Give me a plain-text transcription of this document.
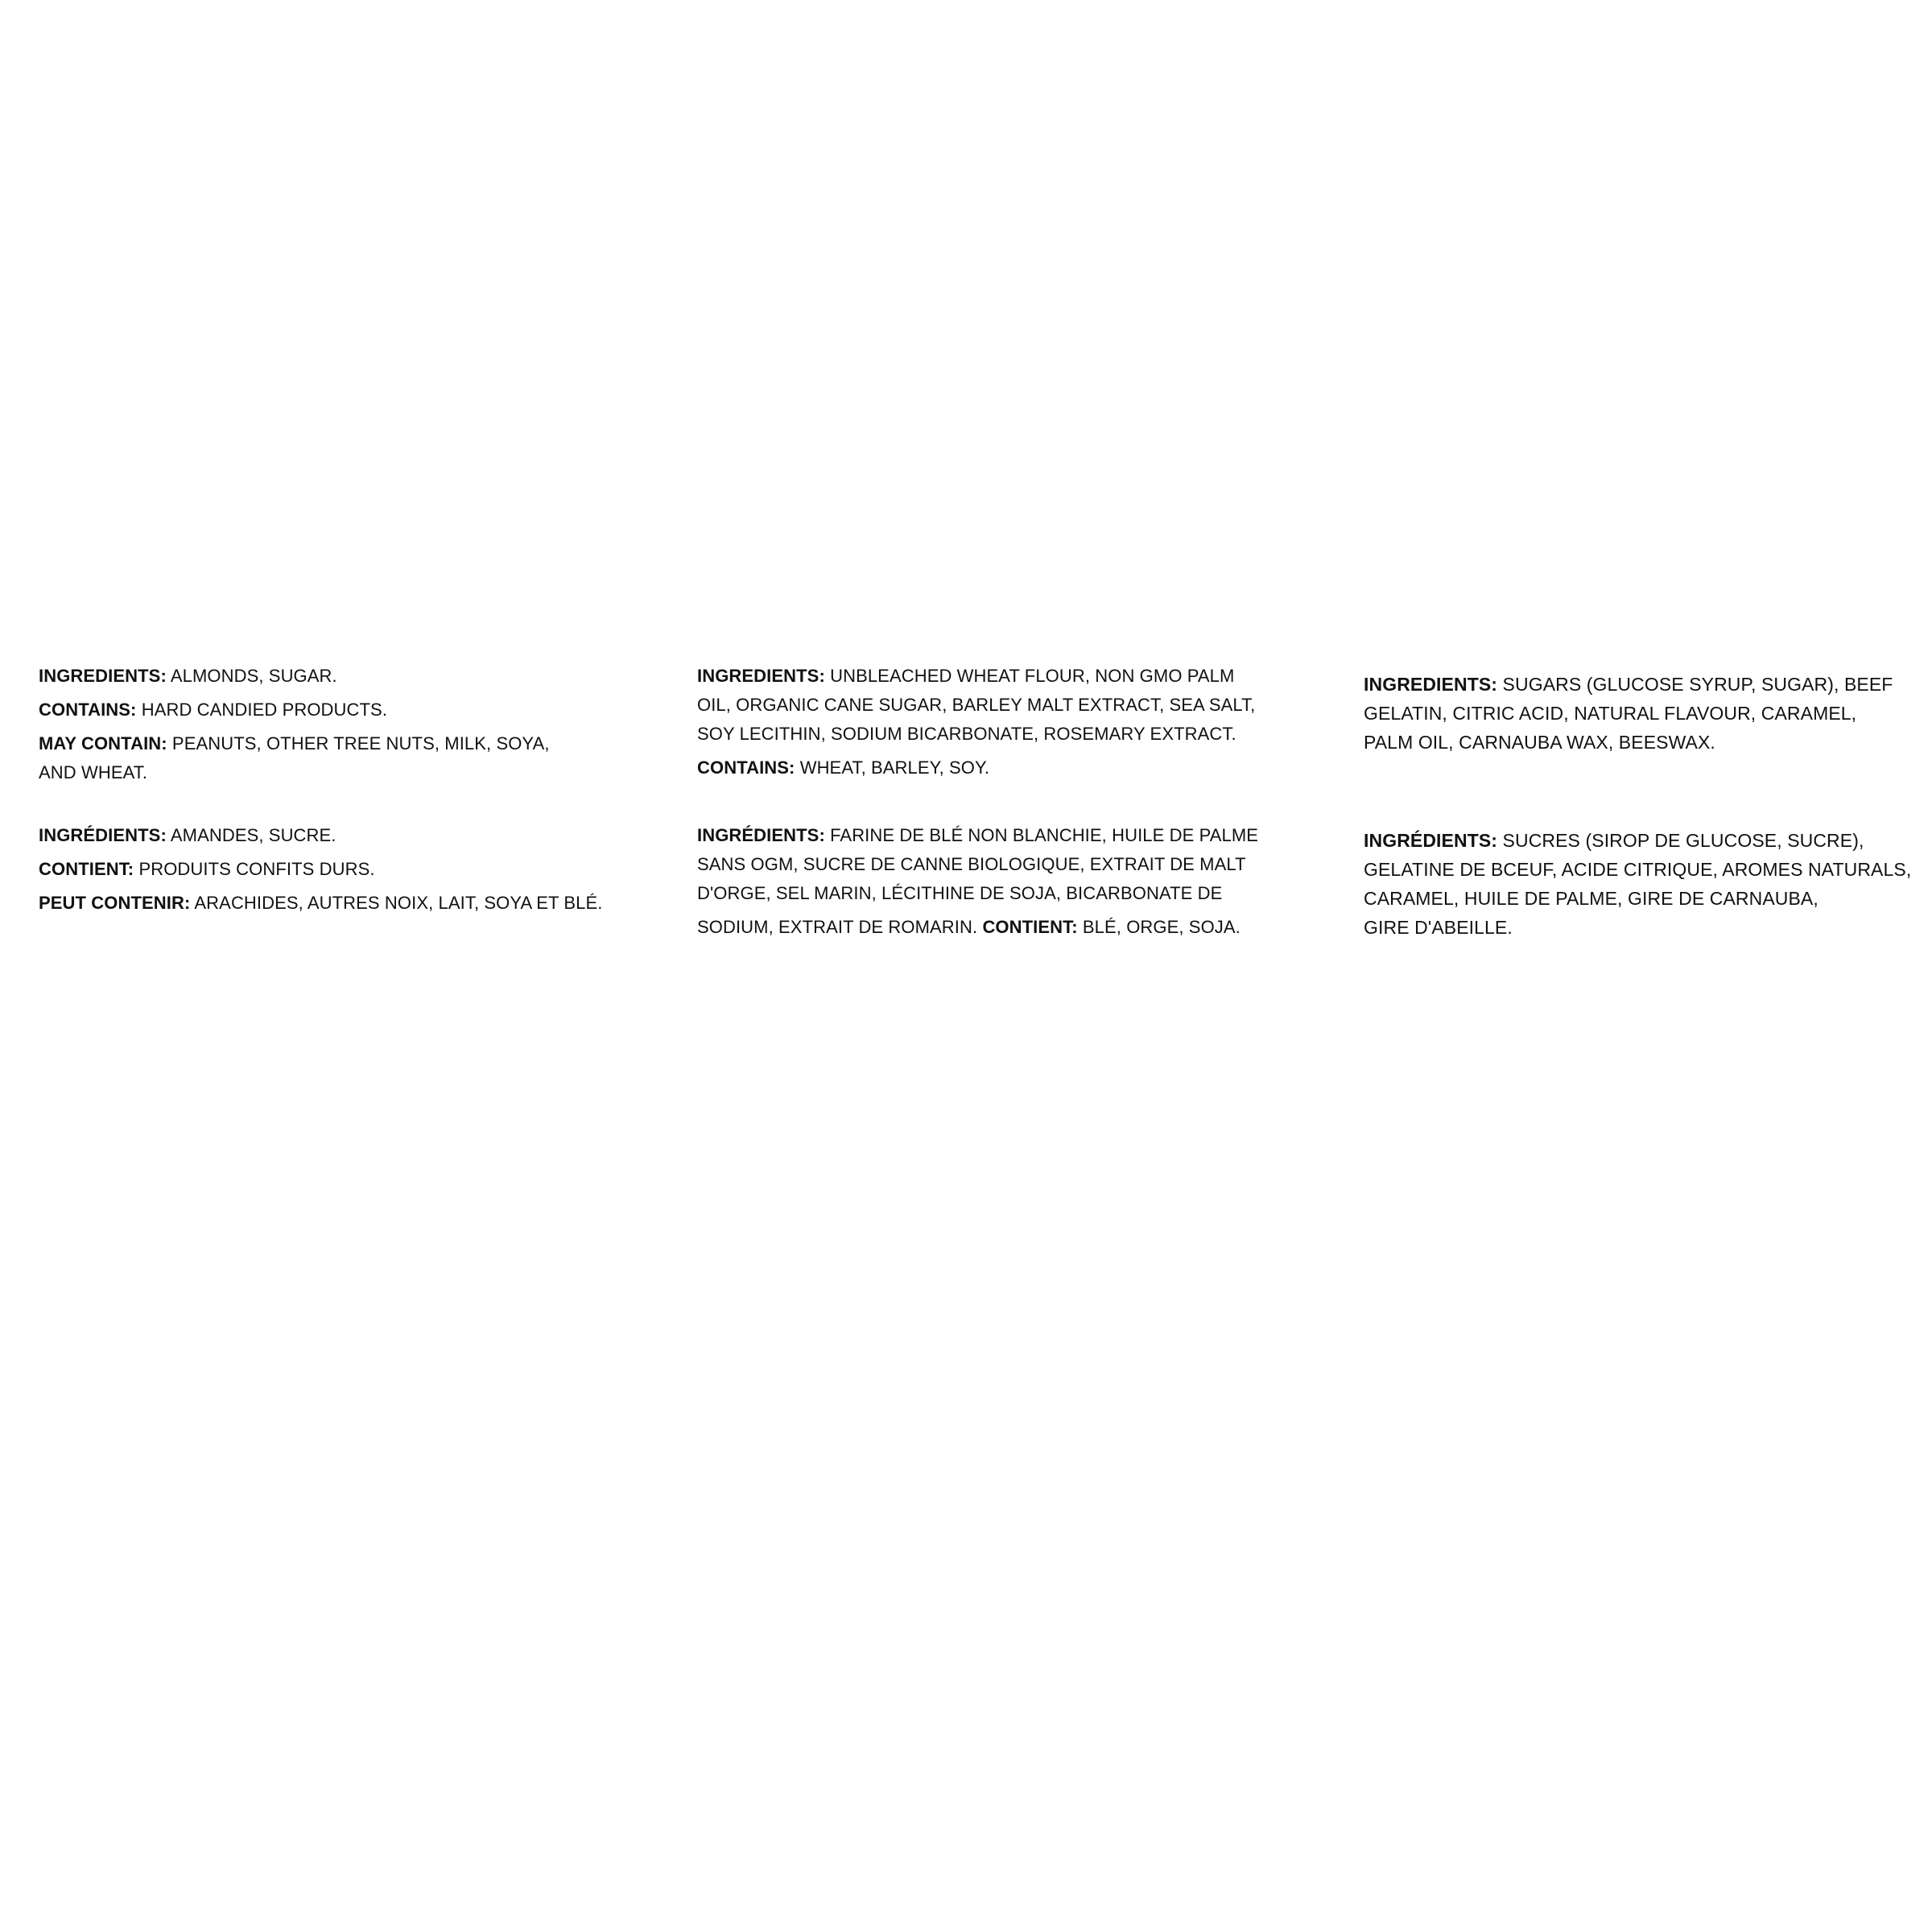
INGREDIENTS: ALMONDS, SUGAR.
CONTAINS: HARD CANDIED PRODUCTS.
MAY CONTAIN: PEANUTS, OTHER TREE NUTS, MILK, SOYA,
AND WHEAT.
INGRÉDIENTS: AMANDES, SUCRE.
CONTIENT: PRODUITS CONFITS DURS.
PEUT CONTENIR: ARACHIDES, AUTRES NOIX, LAIT, SOYA ET BLÉ.
INGREDIENTS: UNBLEACHED WHEAT FLOUR, NON GMO PALM
OIL, ORGANIC CANE SUGAR, BARLEY MALT EXTRACT, SEA SALT,
SOY LECITHIN, SODIUM BICARBONATE, ROSEMARY EXTRACT.
CONTAINS: WHEAT, BARLEY, SOY.
INGRÉDIENTS: FARINE DE BLÉ NON BLANCHIE, HUILE DE PALME
SANS OGM, SUCRE DE CANNE BIOLOGIQUE, EXTRAIT DE MALT
D'ORGE, SEL MARIN, LÉCITHINE DE SOJA, BICARBONATE DE
SODIUM, EXTRAIT DE ROMARIN. CONTIENT: BLÉ, ORGE, SOJA.
INGREDIENTS: SUGARS (GLUCOSE SYRUP, SUGAR), BEEF
GELATIN, CITRIC ACID, NATURAL FLAVOUR, CARAMEL,
PALM OIL, CARNAUBA WAX, BEESWAX.
INGRÉDIENTS: SUCRES (SIROP DE GLUCOSE, SUCRE),
GELATINE DE BCEUF, ACIDE CITRIQUE, AROMES NATURALS,
CARAMEL, HUILE DE PALME, GIRE DE CARNAUBA,
GIRE D'ABEILLE.
